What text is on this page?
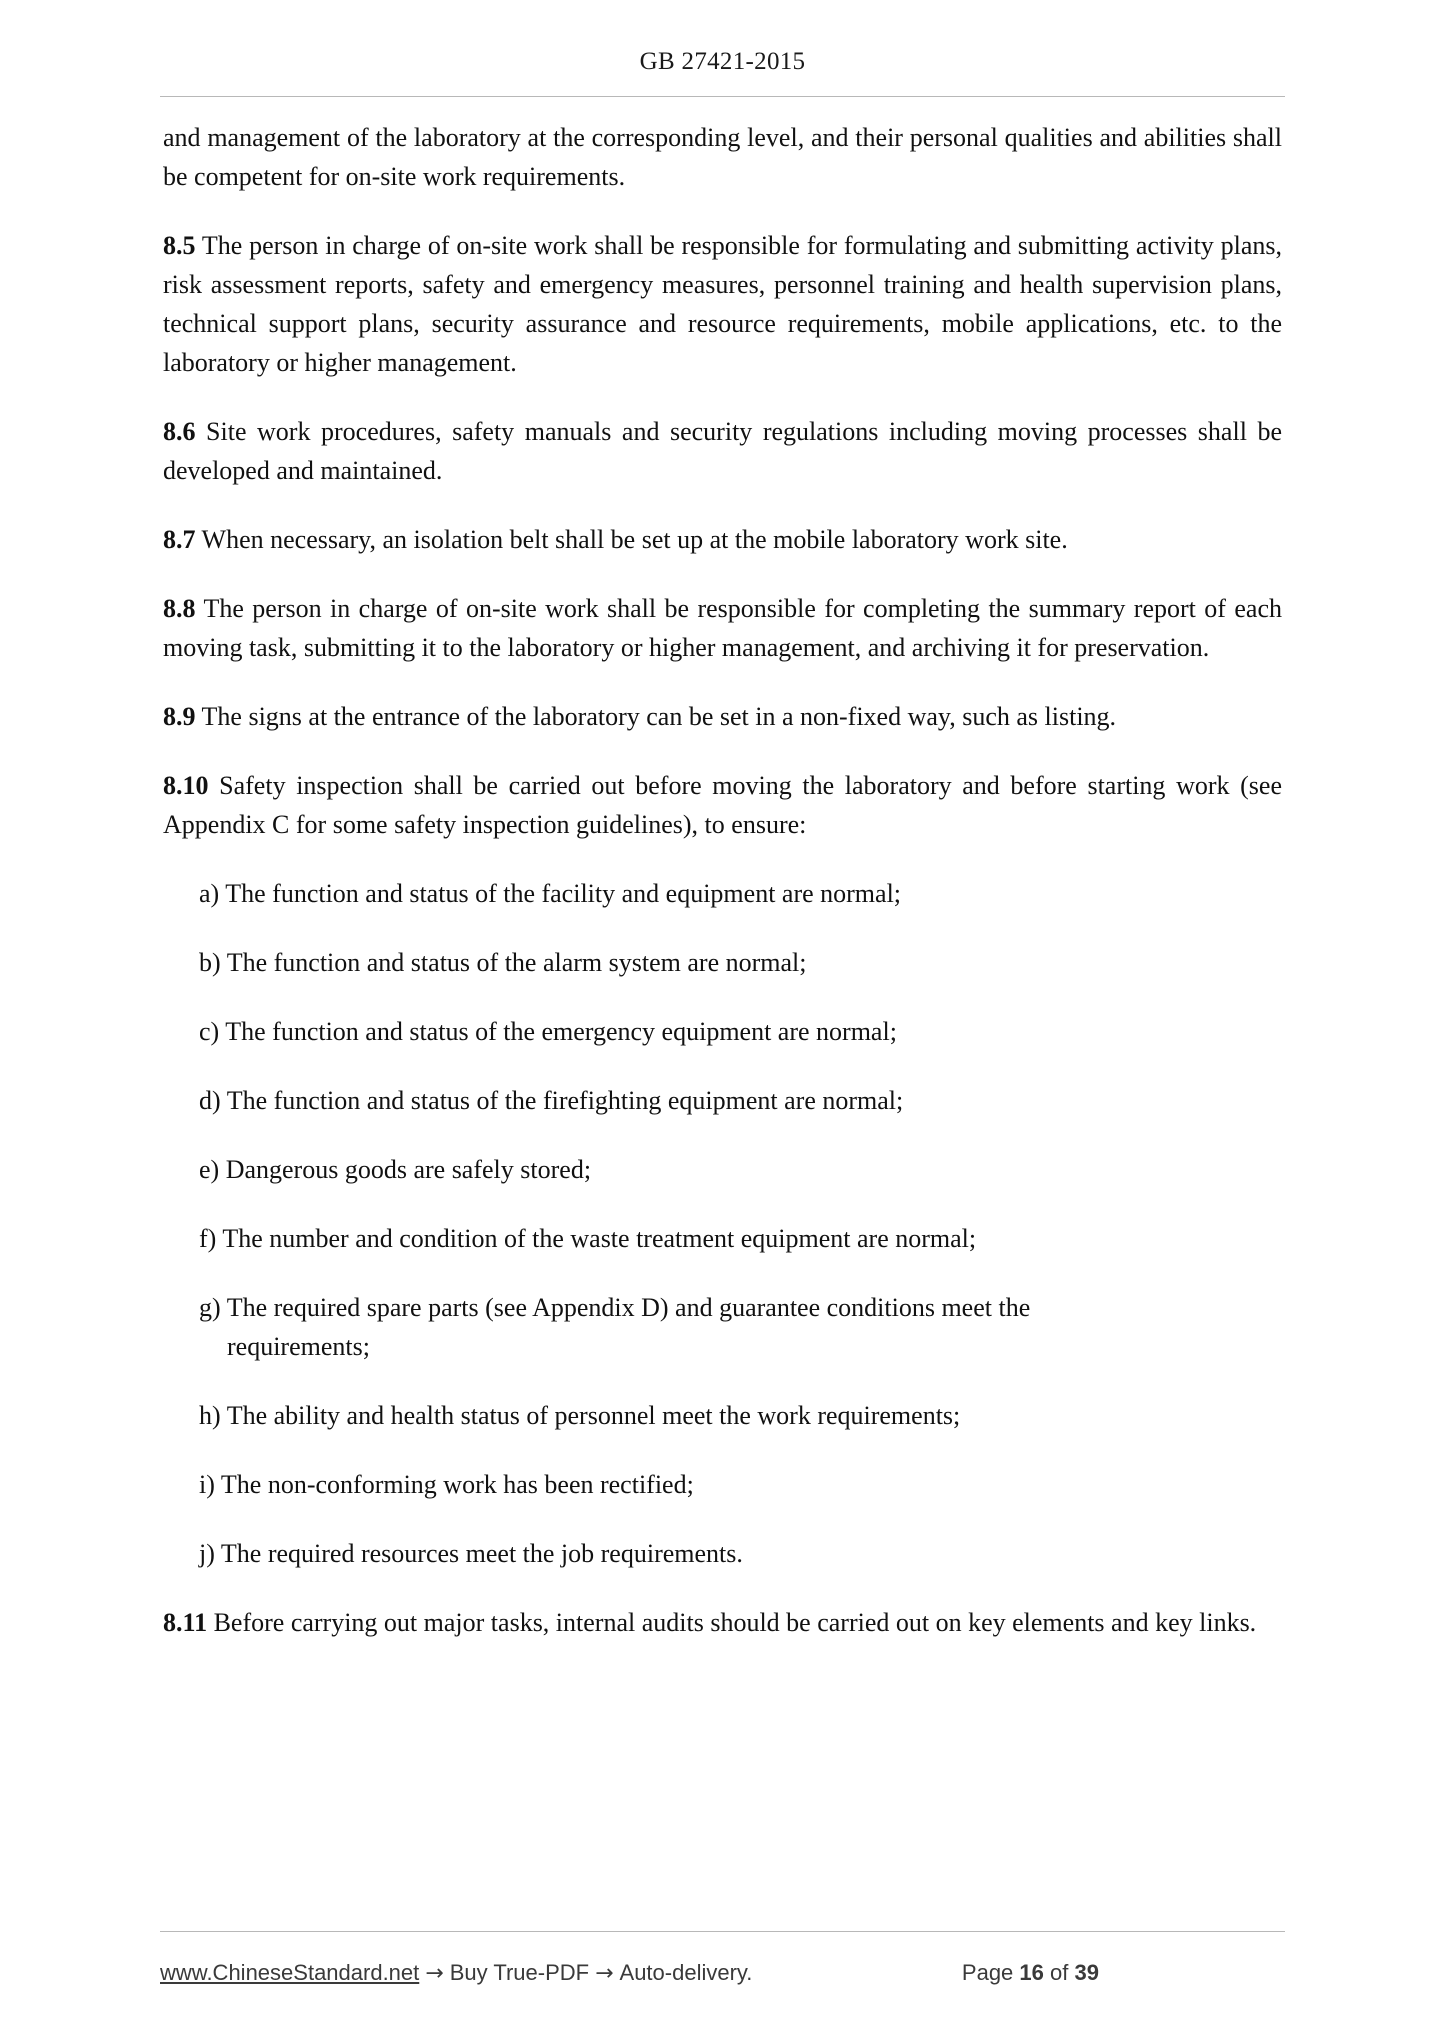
GB 27421-2015

and management of the laboratory at the corresponding level, and their personal qualities and abilities shall be competent for on-site work requirements.

8.5 The person in charge of on-site work shall be responsible for formulating and submitting activity plans, risk assessment reports, safety and emergency measures, personnel training and health supervision plans, technical support plans, security assurance and resource requirements, mobile applications, etc. to the laboratory or higher management.

8.6 Site work procedures, safety manuals and security regulations including moving processes shall be developed and maintained.

8.7 When necessary, an isolation belt shall be set up at the mobile laboratory work site.

8.8 The person in charge of on-site work shall be responsible for completing the summary report of each moving task, submitting it to the laboratory or higher management, and archiving it for preservation.

8.9 The signs at the entrance of the laboratory can be set in a non-fixed way, such as listing.

8.10 Safety inspection shall be carried out before moving the laboratory and before starting work (see Appendix C for some safety inspection guidelines), to ensure:

a) The function and status of the facility and equipment are normal;

b) The function and status of the alarm system are normal;

c) The function and status of the emergency equipment are normal;

d) The function and status of the firefighting equipment are normal;

e) Dangerous goods are safely stored;

f) The number and condition of the waste treatment equipment are normal;

g) The required spare parts (see Appendix D) and guarantee conditions meet the
requirements;

h) The ability and health status of personnel meet the work requirements;

i) The non-conforming work has been rectified;

j) The required resources meet the job requirements.

8.11 Before carrying out major tasks, internal audits should be carried out on key elements and key links.

www.ChineseStandard.net → Buy True-PDF → Auto-delivery.	Page 16 of 39
